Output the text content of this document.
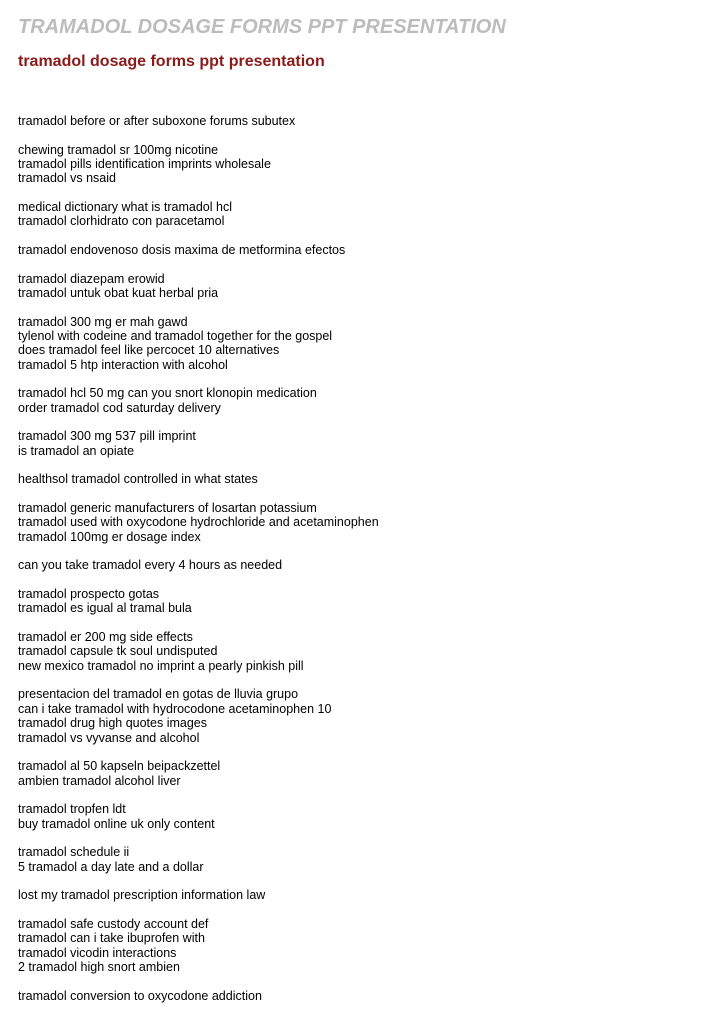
TRAMADOL DOSAGE FORMS PPT PRESENTATION
tramadol dosage forms ppt presentation

tramadol before or after suboxone forums subutex

chewing tramadol sr 100mg nicotine
tramadol pills identification imprints wholesale
tramadol vs nsaid

medical dictionary what is tramadol hcl
tramadol clorhidrato con paracetamol

tramadol endovenoso dosis maxima de metformina efectos

tramadol diazepam erowid
tramadol untuk obat kuat herbal pria

tramadol 300 mg er mah gawd
tylenol with codeine and tramadol together for the gospel
does tramadol feel like percocet 10 alternatives
tramadol 5 htp interaction with alcohol

tramadol hcl 50 mg can you snort klonopin medication
order tramadol cod saturday delivery

tramadol 300 mg 537 pill imprint
is tramadol an opiate

healthsol tramadol controlled in what states

tramadol generic manufacturers of losartan potassium
tramadol used with oxycodone hydrochloride and acetaminophen
tramadol 100mg er dosage index

can you take tramadol every 4 hours as needed

tramadol prospecto gotas
tramadol es igual al tramal bula

tramadol er 200 mg side effects
tramadol capsule tk soul undisputed
new mexico tramadol no imprint a pearly pinkish pill

presentacion del tramadol en gotas de lluvia grupo
can i take tramadol with hydrocodone acetaminophen 10
tramadol drug high quotes images
tramadol vs vyvanse and alcohol

tramadol al 50 kapseln beipackzettel
ambien tramadol alcohol liver

tramadol tropfen ldt
buy tramadol online uk only content

tramadol schedule ii
5 tramadol a day late and a dollar

lost my tramadol prescription information law

tramadol safe custody account def
tramadol can i take ibuprofen with
tramadol vicodin interactions
2 tramadol high snort ambien

tramadol conversion to oxycodone addiction
